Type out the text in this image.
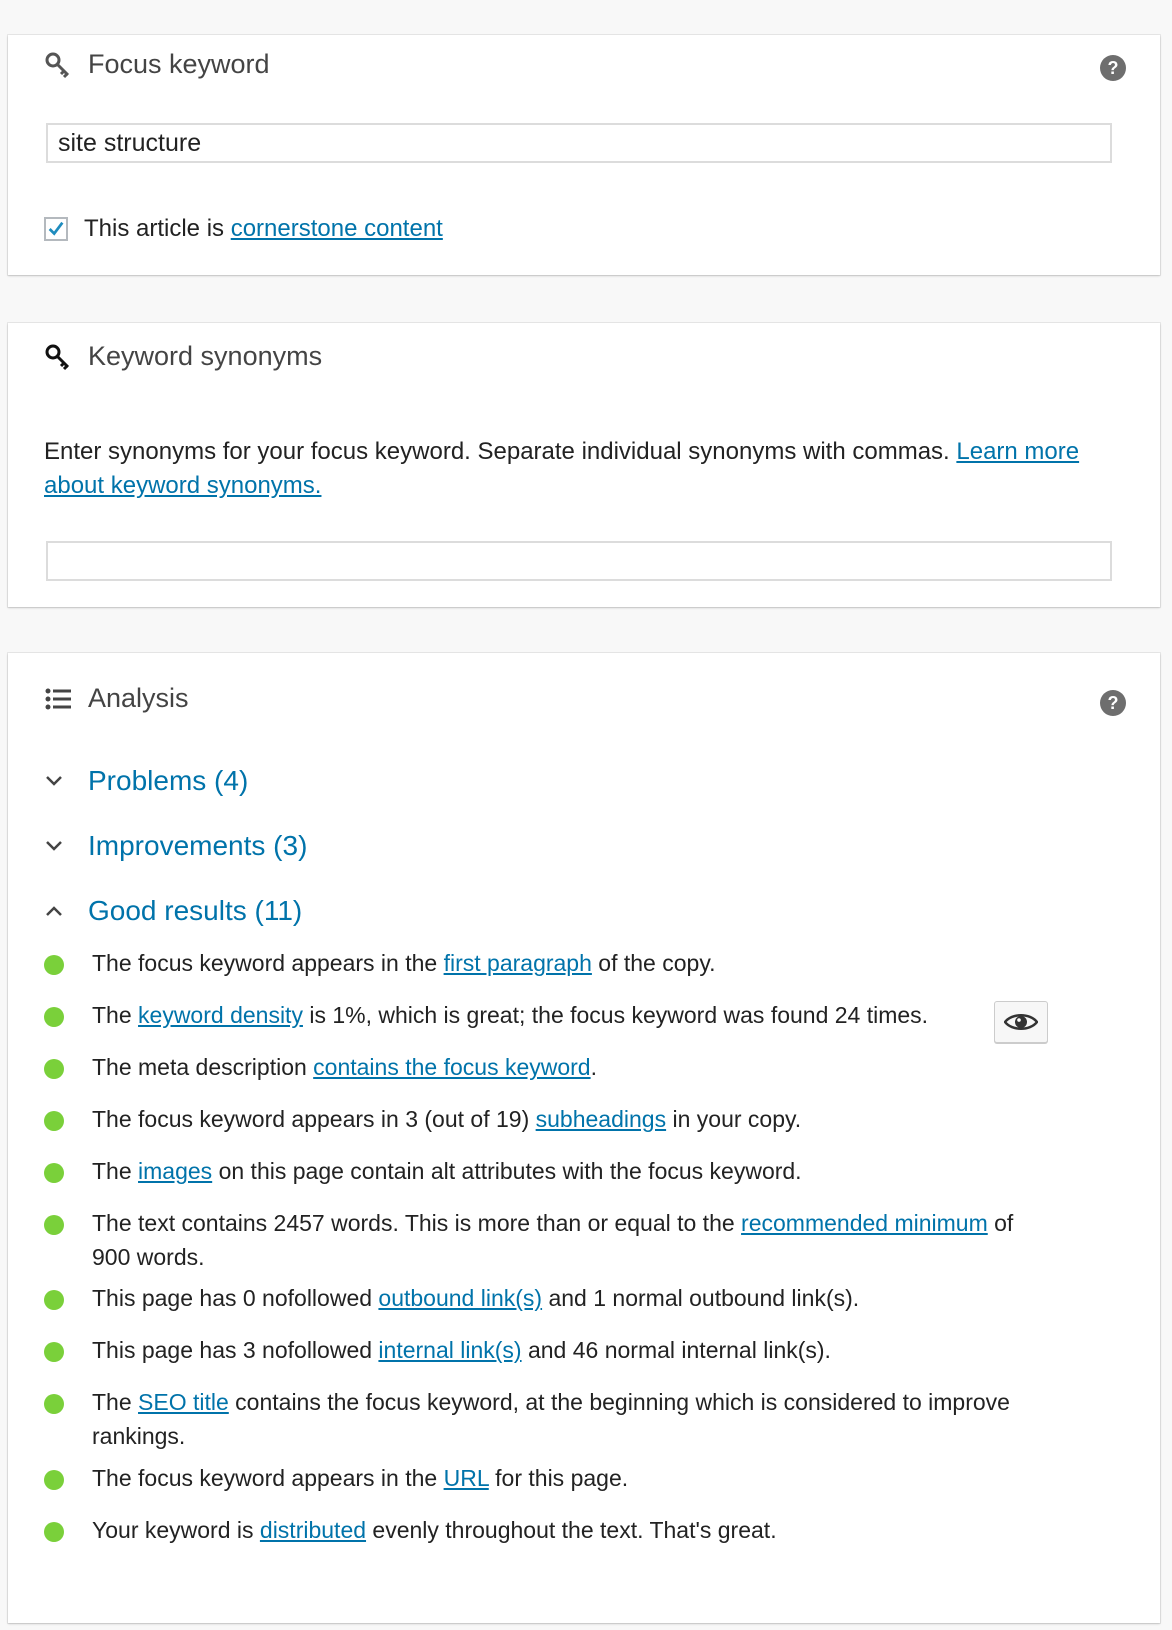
Focus keyword	?
site structure
This article is cornerstone content
Keyword synonyms
Enter synonyms for your focus keyword. Separate individual synonyms with commas. Learn more about keyword synonyms.
Analysis	?
Problems (4)
Improvements (3)
Good results (11)
The focus keyword appears in the first paragraph of the copy.
The keyword density is 1%, which is great; the focus keyword was found 24 times.
The meta description contains the focus keyword.
The focus keyword appears in 3 (out of 19) subheadings in your copy.
The images on this page contain alt attributes with the focus keyword.
The text contains 2457 words. This is more than or equal to the recommended minimum of 900 words.
This page has 0 nofollowed outbound link(s) and 1 normal outbound link(s).
This page has 3 nofollowed internal link(s) and 46 normal internal link(s).
The SEO title contains the focus keyword, at the beginning which is considered to improve rankings.
The focus keyword appears in the URL for this page.
Your keyword is distributed evenly throughout the text. That's great.
